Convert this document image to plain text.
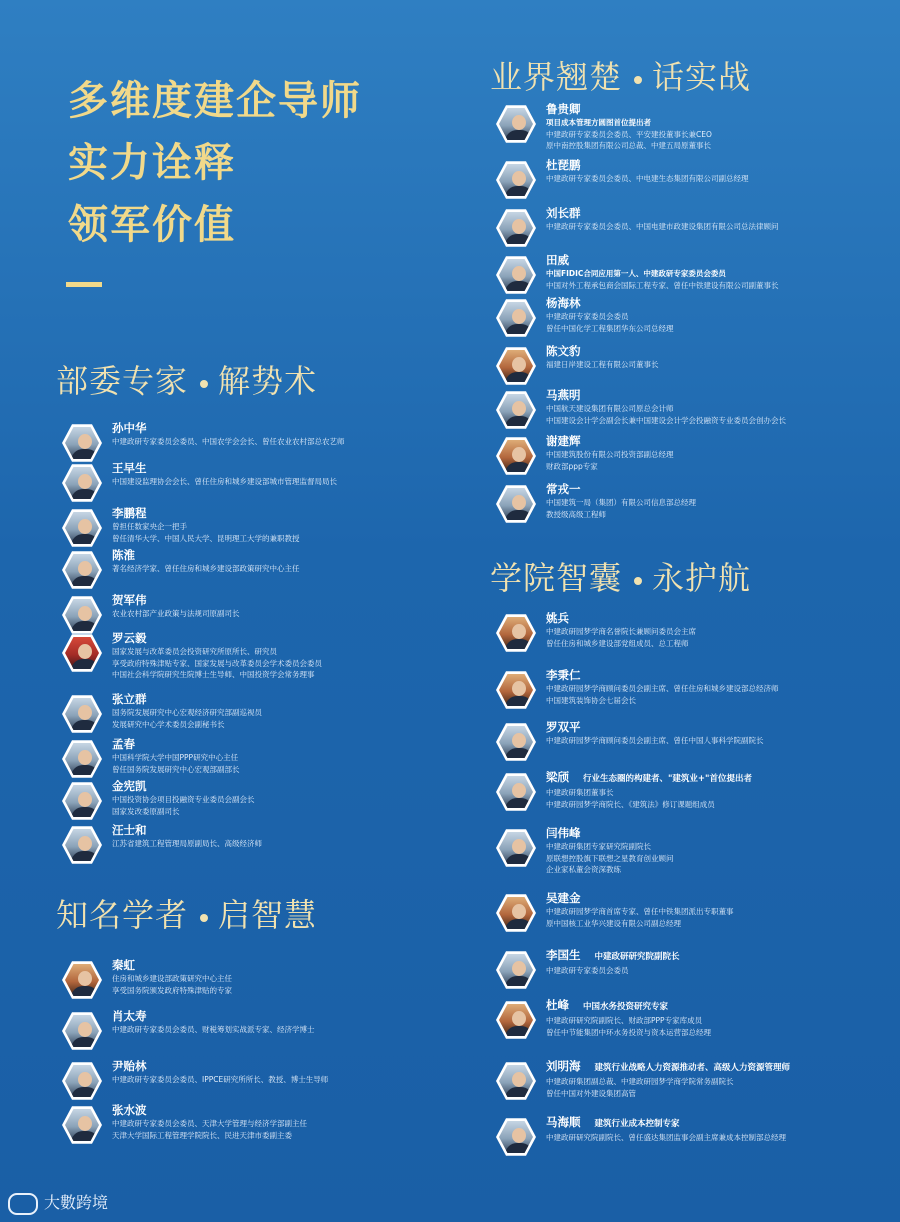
多维度建企导师
实力诠释
领军价值
部委专家 解势术
知名学者 启智慧
业界翘楚 话实战
学院智囊 永护航
孙中华
中建政研专家委员会委员、中国农学会会长、曾任农业农村部总农艺师
王早生
中国建设监理协会会长、曾任住房和城乡建设部城市管理监督局局长
李鹏程
曾担任数家央企一把手
曾任清华大学、中国人民大学、昆明理工大学的兼职教授
陈淮
著名经济学家、曾任住房和城乡建设部政策研究中心主任
贺军伟
农业农村部产业政策与法规司原副司长
罗云毅
国家发展与改革委员会投资研究所原所长、研究员
享受政府特殊津贴专家、国家发展与改革委员会学术委员会委员
中国社会科学院研究生院博士生导师、中国投资学会常务理事
张立群
国务院发展研究中心宏观经济研究部副巡视员
发展研究中心学术委员会副秘书长
孟春
中国科学院大学中国PPP研究中心主任
曾任国务院发展研究中心宏观部副部长
金宪凯
中国投资协会项目投融资专业委员会副会长
国家发改委原副司长
汪士和
江苏省建筑工程管理局原副局长、高级经济师
秦虹
住房和城乡建设部政策研究中心主任
享受国务院颁发政府特殊津贴的专家
肖太寿
中建政研专家委员会委员、财税筹划实战派专家、经济学博士
尹贻林
中建政研专家委员会委员、IPPCE研究所所长、教授、博士生导师
张水波
中建政研专家委员会委员、天津大学管理与经济学部副主任
天津大学国际工程管理学院院长、民进天津市委副主委
鲁贵卿
项目成本管理方圆图首位提出者
中建政研专家委员会委员、平安建投董事长兼CEO
原中南控股集团有限公司总裁、中建五局原董事长
杜琵鹏
中建政研专家委员会委员、中电建生态集团有限公司副总经理
刘长群
中建政研专家委员会委员、中国电建市政建设集团有限公司总法律顾问
田威
中国FIDIC合同应用第一人、中建政研专家委员会委员
中国对外工程承包商会国际工程专家、曾任中铁建设有限公司副董事长
杨海林
中建政研专家委员会委员
曾任中国化学工程集团华东公司总经理
陈文豹
福建日岸建设工程有限公司董事长
马燕明
中国航天建设集团有限公司原总会计师
中国建设会计学会副会长兼中国建设会计学会投融资专业委员会创办会长
谢建辉
中国建筑股份有限公司投资部副总经理
财政部ppp专家
常戎一
中国建筑一局（集团）有限公司信息部总经理
教授级高级工程师
姚兵
中建政研园梦学商名誉院长兼顾问委员会主席
曾任住房和城乡建设部党组成员、总工程师
李秉仁
中建政研园梦学商顾问委员会副主席、曾任住房和城乡建设部总经济师
中国建筑装饰协会七届会长
罗双平
中建政研园梦学商顾问委员会副主席、曾任中国人事科学院副院长
梁颀 行业生态圈的构建者、"建筑业+"首位提出者
中建政研集团董事长
中建政研园梦学商院长、《建筑法》修订课题组成员
闫伟峰
中建政研集团专家研究院副院长
原联想控股旗下联想之星教育创业顾问
企业家私董会资深教练
吴建金
中建政研园梦学商首席专家、曾任中铁集团派出专职董事
原中国核工业华兴建设有限公司副总经理
李国生 中建政研研究院副院长
中建政研专家委员会委员
杜峰 中国水务投资研究专家
中建政研研究院副院长、财政部PPP专家库成员
曾任中节能集团中环水务投资与资本运营部总经理
刘明海 建筑行业战略人力资源推动者、高级人力资源管理师
中建政研集团副总裁、中建政研园梦学商学院常务副院长
曾任中国对外建设集团高管
马海顺 建筑行业成本控制专家
中建政研研究院副院长、曾任盛达集团监事会副主席兼成本控制部总经理
大數跨境
